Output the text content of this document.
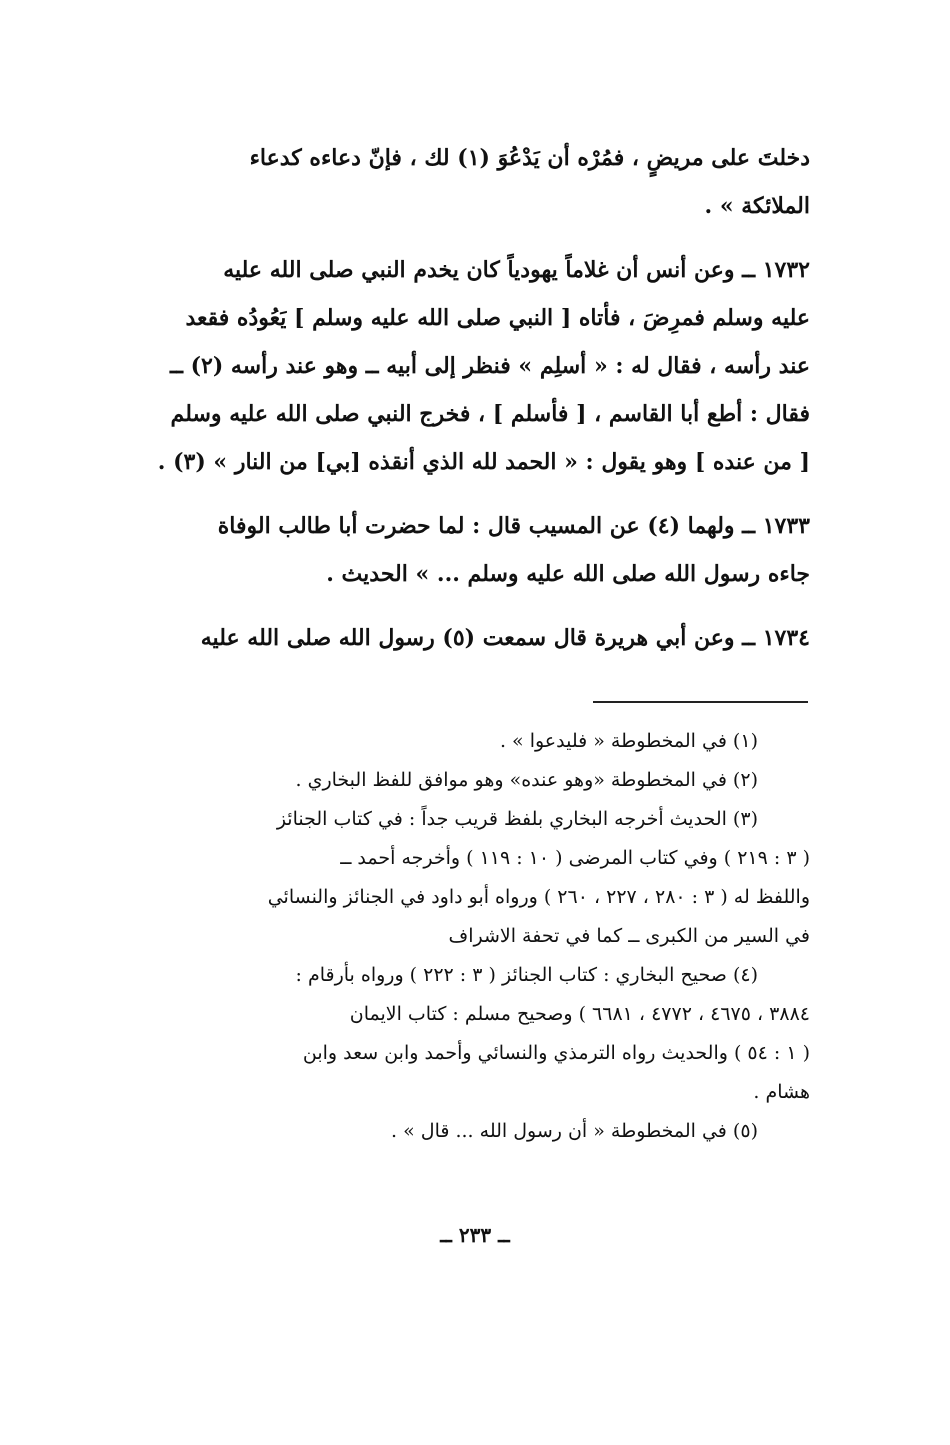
دخلتَ على مريضٍ ، فمُرْه أن يَدْعُوَ (١) لك ، فإنّ دعاءه كدعاء
الملائكة » .

١٧٣٢ ــ وعن أنس أن غلاماً يهودياً كان يخدم النبي صلى الله عليه
عليه وسلم فمرِضَ ، فأتاه [ النبي صلى الله عليه وسلم ] يَعُودُه فقعد
عند رأسه ، فقال له : « أسلِم » فنظر إلى أبيه ــ وهو عند رأسه (٢) ــ
فقال : أطع أبا القاسم ، [ فأسلم ] ، فخرج النبي صلى الله عليه وسلم
[ من عنده ] وهو يقول : « الحمد لله الذي أنقذه [بي] من النار » (٣) .

١٧٣٣ ــ ولهما (٤) عن المسيب قال : لما حضرت أبا طالب الوفاة
جاءه رسول الله صلى الله عليه وسلم ... » الحديث .

١٧٣٤ ــ وعن أبي هريرة قال سمعت (٥) رسول الله صلى الله عليه

(١) في المخطوطة « فليدعوا » .
(٢) في المخطوطة «وهو عنده» وهو موافق للفظ البخاري .
(٣) الحديث أخرجه البخاري بلفظ قريب جداً : في كتاب الجنائز
( ٣ : ٢١٩ ) وفي كتاب المرضى ( ١٠ : ١١٩ ) وأخرجه أحمد ــ
واللفظ له ( ٣ : ٢٨٠ ، ٢٢٧ ، ٢٦٠ ) ورواه أبو داود في الجنائز والنسائي
في السير من الكبرى ــ كما في تحفة الاشراف
(٤) صحيح البخاري : كتاب الجنائز ( ٣ : ٢٢٢ ) ورواه بأرقام :
٣٨٨٤ ، ٤٦٧٥ ، ٤٧٧٢ ، ٦٦٨١ ) وصحيح مسلم : كتاب الايمان
( ١ : ٥٤ ) والحديث رواه الترمذي والنسائي وأحمد وابن سعد وابن
هشام .
(٥) في المخطوطة « أن رسول الله ... قال » .
ــ ٢٣٣ ــ
